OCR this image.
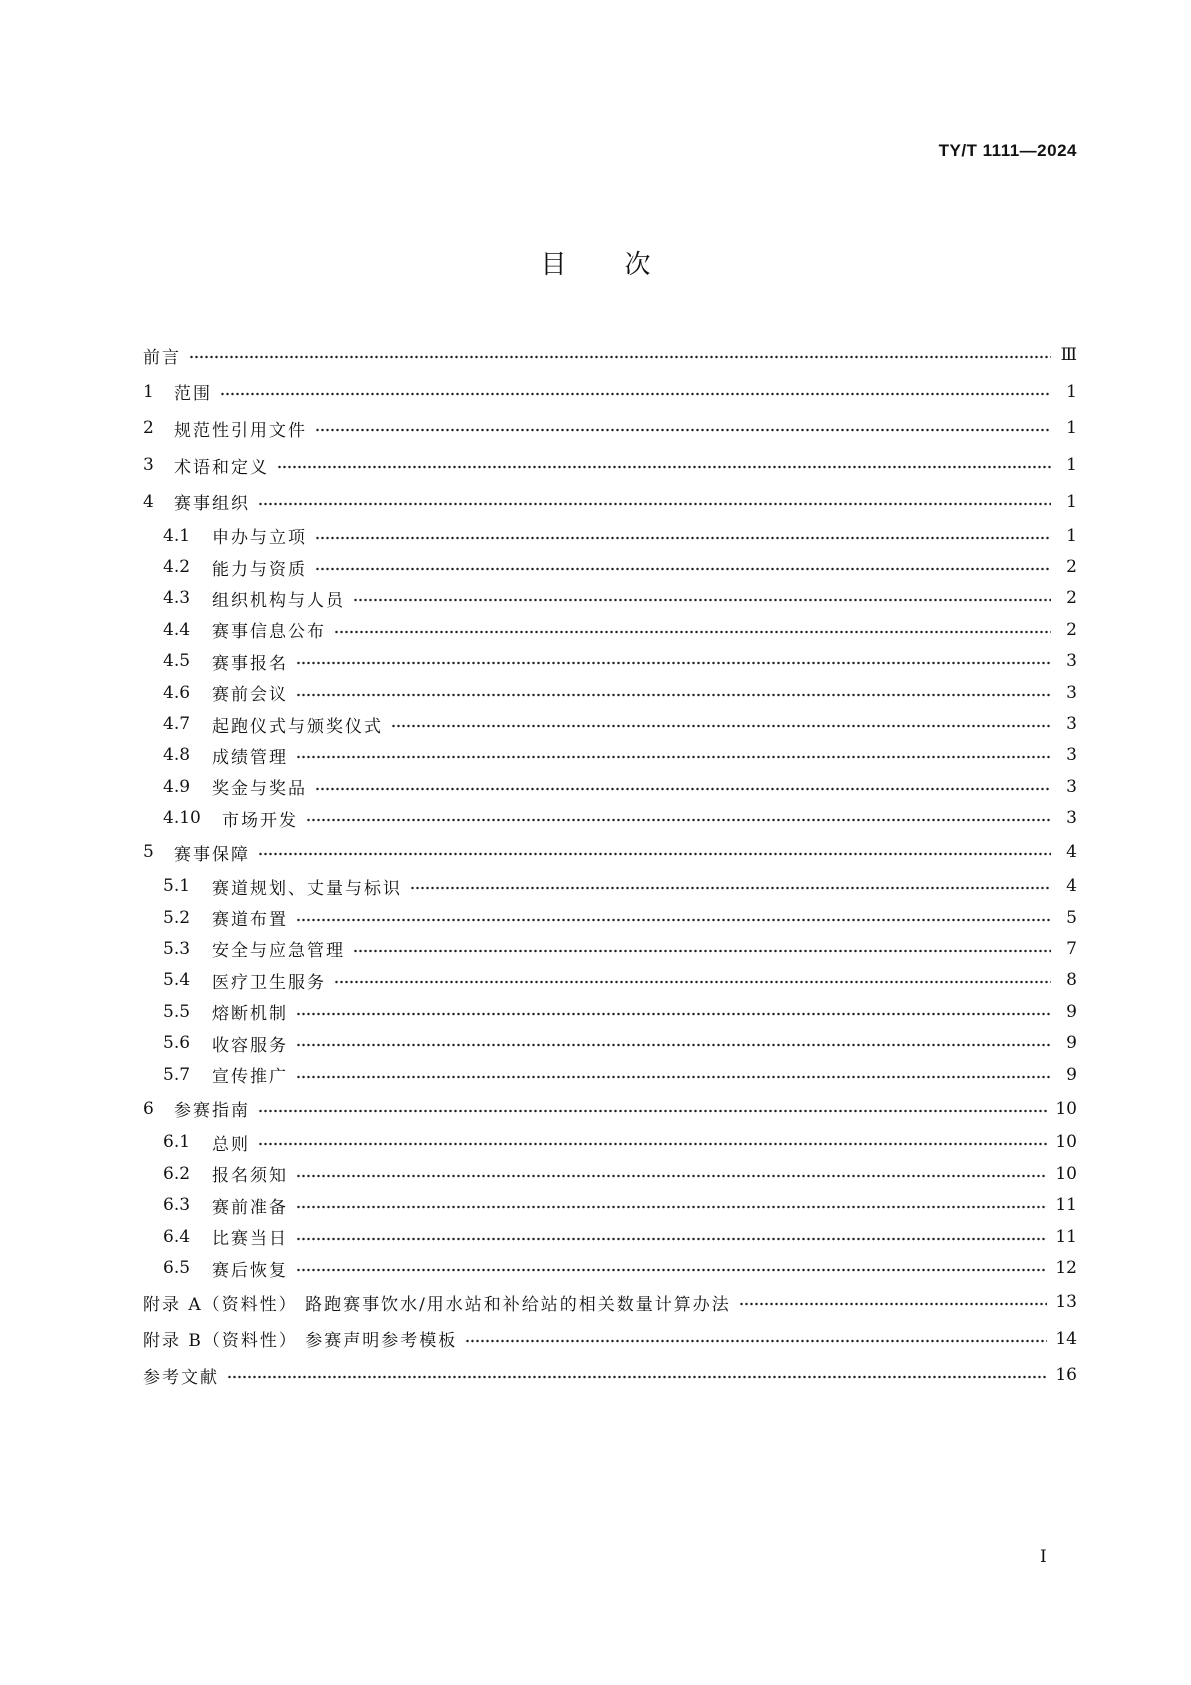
TY/T 1111—2024
目 次
前言	Ⅲ
1	范围	1
2	规范性引用文件	1
3	术语和定义	1
4	赛事组织	1
4.1	申办与立项	1
4.2	能力与资质	2
4.3	组织机构与人员	2
4.4	赛事信息公布	2
4.5	赛事报名	3
4.6	赛前会议	3
4.7	起跑仪式与颁奖仪式	3
4.8	成绩管理	3
4.9	奖金与奖品	3
4.10	市场开发	3
5	赛事保障	4
5.1	赛道规划、丈量与标识	4
5.2	赛道布置	5
5.3	安全与应急管理	7
5.4	医疗卫生服务	8
5.5	熔断机制	9
5.6	收容服务	9
5.7	宣传推广	9
6	参赛指南	10
6.1	总则	10
6.2	报名须知	10
6.3	赛前准备	11
6.4	比赛当日	11
6.5	赛后恢复	12
附录 A（资料性） 路跑赛事饮水/用水站和补给站的相关数量计算办法	13
附录 B（资料性） 参赛声明参考模板	14
参考文献	16
I
